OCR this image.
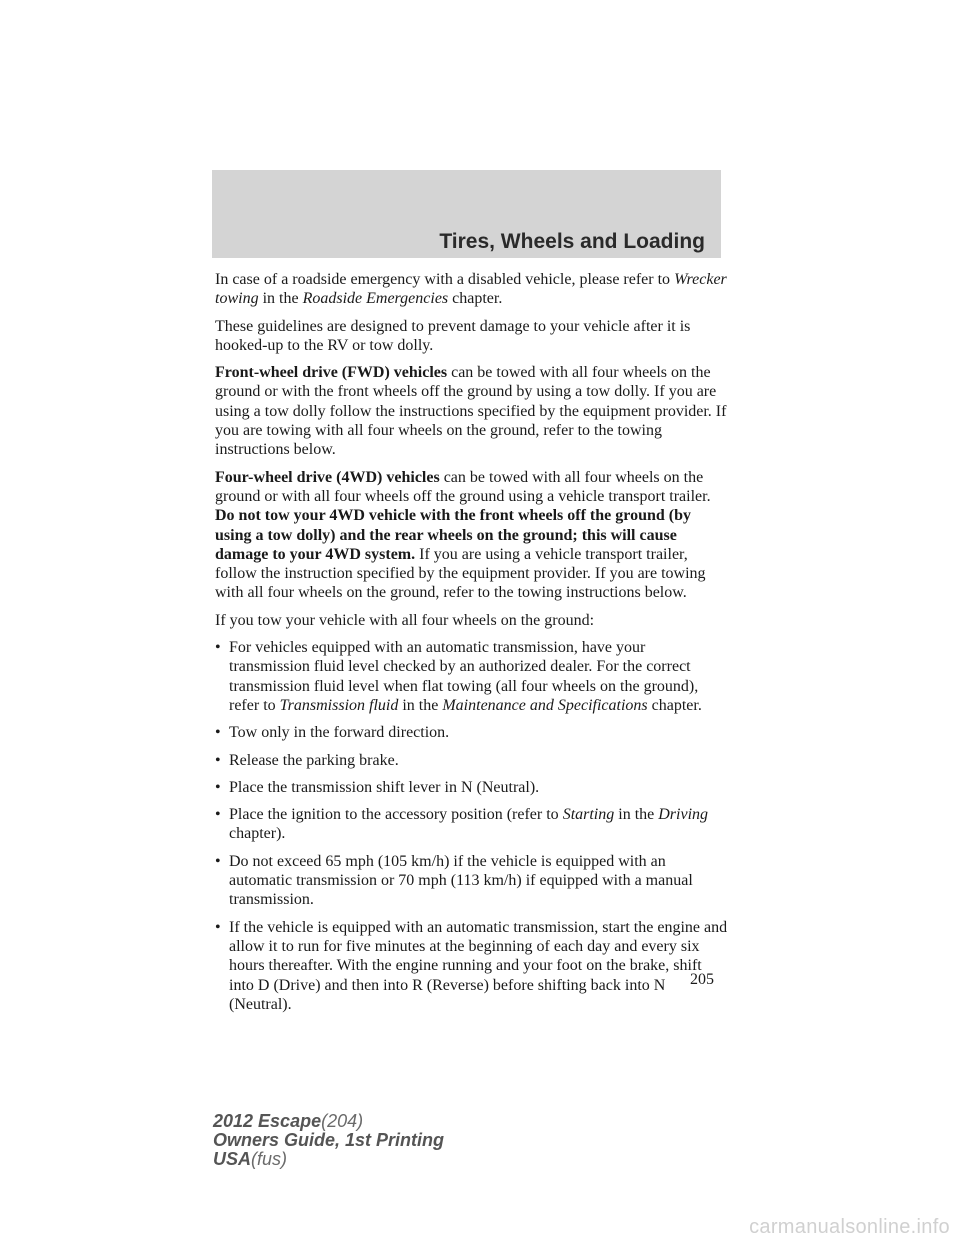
Tires, Wheels and Loading

In case of a roadside emergency with a disabled vehicle, please refer to Wrecker towing in the Roadside Emergencies chapter.

These guidelines are designed to prevent damage to your vehicle after it is hooked-up to the RV or tow dolly.

Front-wheel drive (FWD) vehicles can be towed with all four wheels on the ground or with the front wheels off the ground by using a tow dolly. If you are using a tow dolly follow the instructions specified by the equipment provider. If you are towing with all four wheels on the ground, refer to the towing instructions below.

Four-wheel drive (4WD) vehicles can be towed with all four wheels on the ground or with all four wheels off the ground using a vehicle transport trailer. Do not tow your 4WD vehicle with the front wheels off the ground (by using a tow dolly) and the rear wheels on the ground; this will cause damage to your 4WD system. If you are using a vehicle transport trailer, follow the instruction specified by the equipment provider. If you are towing with all four wheels on the ground, refer to the towing instructions below.

If you tow your vehicle with all four wheels on the ground:

• For vehicles equipped with an automatic transmission, have your transmission fluid level checked by an authorized dealer. For the correct transmission fluid level when flat towing (all four wheels on the ground), refer to Transmission fluid in the Maintenance and Specifications chapter.
• Tow only in the forward direction.
• Release the parking brake.
• Place the transmission shift lever in N (Neutral).
• Place the ignition to the accessory position (refer to Starting in the Driving chapter).
• Do not exceed 65 mph (105 km/h) if the vehicle is equipped with an automatic transmission or 70 mph (113 km/h) if equipped with a manual transmission.
• If the vehicle is equipped with an automatic transmission, start the engine and allow it to run for five minutes at the beginning of each day and every six hours thereafter. With the engine running and your foot on the brake, shift into D (Drive) and then into R (Reverse) before shifting back into N (Neutral).
205
2012 Escape(204)
Owners Guide, 1st Printing
USA(fus)
carmanualsonline.info
